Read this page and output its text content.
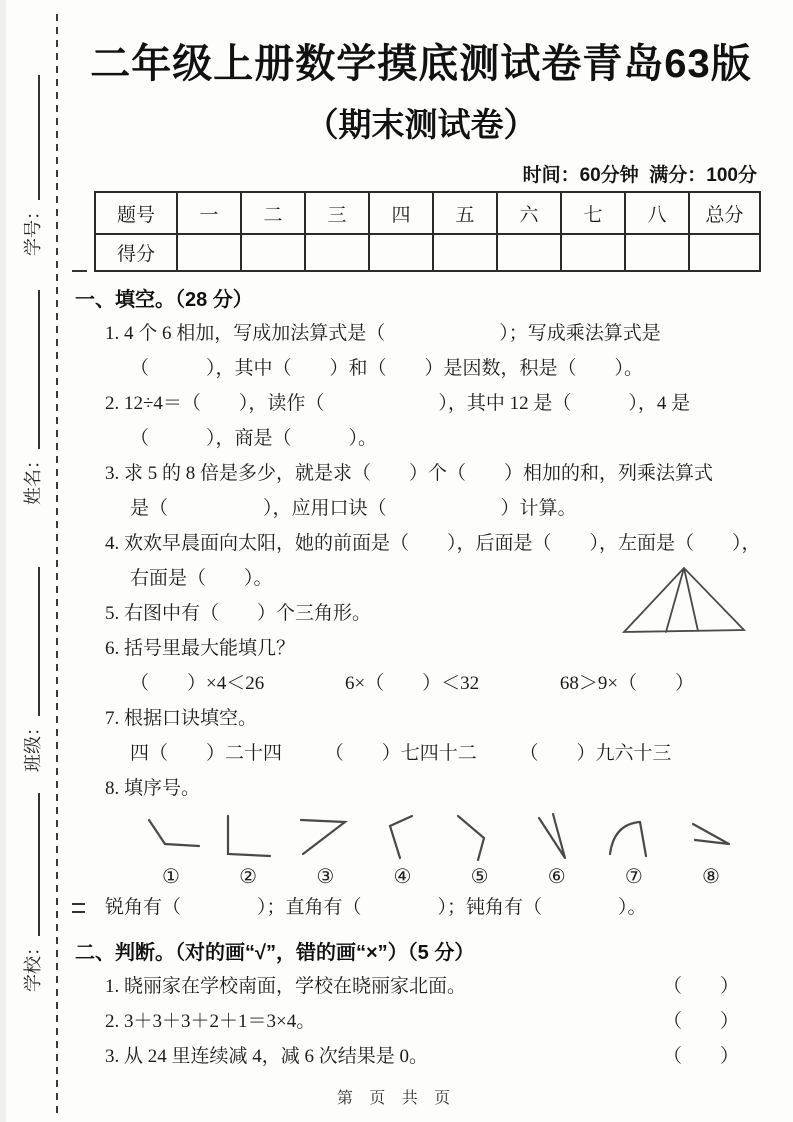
学号：
姓名：
班级：
学校：
二年级上册数学摸底测试卷青岛63版
（期末测试卷）
时间：60分钟  满分：100分
题号	一	二	三	四	五	六	七	八	总分
得分									
一、填空。（28 分）
1. 4 个 6 相加，写成加法算式是（　　　　　　）；写成乘法算式是
（　　　），其中（　　）和（　　）是因数，积是（　　）。
2. 12÷4＝（　　），读作（　　　　　　），其中 12 是（　　　），4 是
（　　　），商是（　　　）。
3. 求 5 的 8 倍是多少，就是求（　　）个（　　）相加的和，列乘法算式
是（　　　　　），应用口诀（　　　　　　）计算。
4. 欢欢早晨面向太阳，她的前面是（　　），后面是（　　），左面是（　　），
右面是（　　）。
5. 右图中有（　　）个三角形。
6. 括号里最大能填几？
（　　）×4＜26　　　　 6×（　　）＜32　　　　 68＞9×（　　）
7. 根据口诀填空。
四（　　）二十四　　 （　　）七四十二　　 （　　）九六十三
8. 填序号。
①	②	③	④	⑤	⑥	⑦	⑧
锐角有（　　　　）；直角有（　　　　）；钝角有（　　　　）。
二、判断。（对的画“√”，错的画“×”）（5 分）
1. 晓丽家在学校南面，学校在晓丽家北面。	（　　）
2. 3＋3＋3＋2＋1＝3×4。	（　　）
3. 从 24 里连续减 4，减 6 次结果是 0。	（　　）
第 页 共 页
